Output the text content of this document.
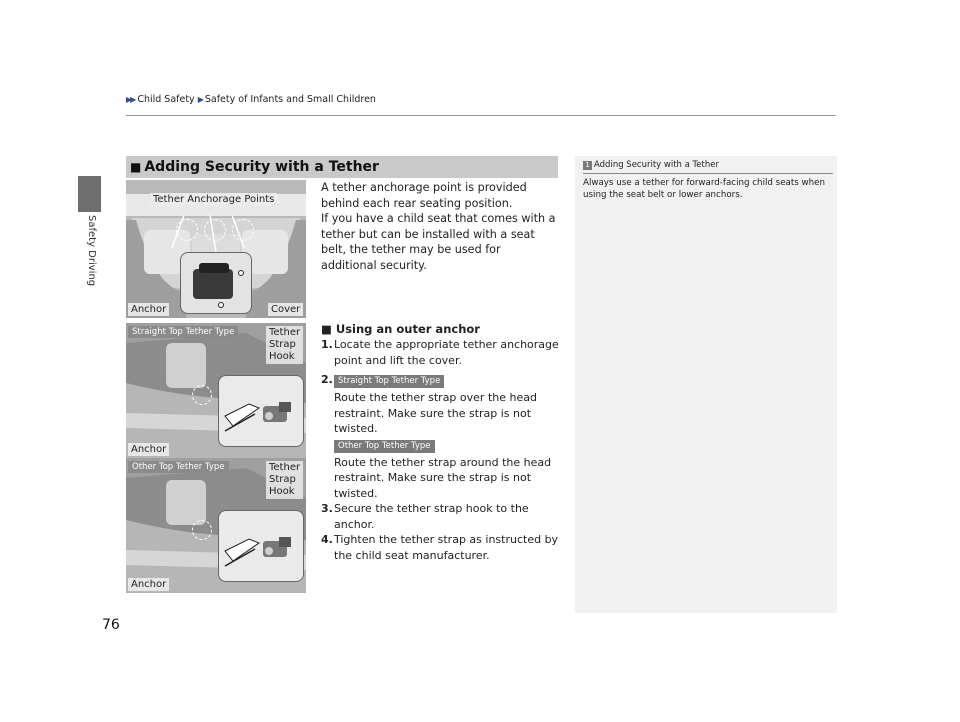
▶▶ Child Safety ▶ Safety of Infants and Small Children
Safety Driving
■ Adding Security with a Tether
Tether Anchorage Points
Anchor	Cover
Straight Top Tether Type	Tether
Strap
Hook
Anchor
Other Top Tether Type	Tether
Strap
Hook
Anchor
A tether anchorage point is provided behind each rear seating position.
If you have a child seat that comes with a tether but can be installed with a seat belt, the tether may be used for additional security.
■ Using an outer anchor
1. Locate the appropriate tether anchorage point and lift the cover.
2. Straight Top Tether Type
Route the tether strap over the head restraint. Make sure the strap is not twisted.
Other Top Tether Type
Route the tether strap around the head restraint. Make sure the strap is not twisted.
3. Secure the tether strap hook to the anchor.
4. Tighten the tether strap as instructed by the child seat manufacturer.
1 Adding Security with a Tether
Always use a tether for forward-facing child seats when using the seat belt or lower anchors.
76
